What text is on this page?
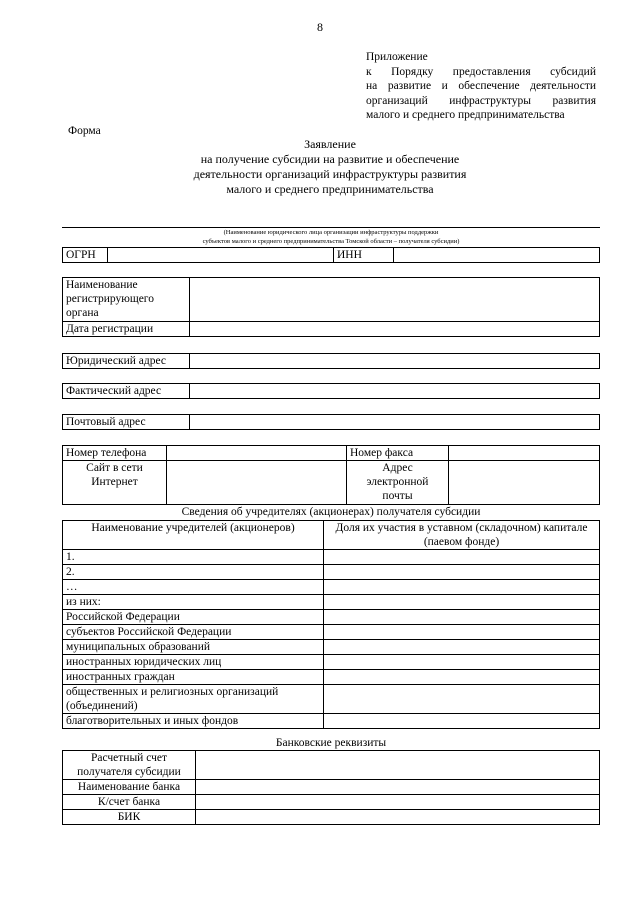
8
Приложение
к Порядку предоставления субсидий
на развитие и обеспечение деятельности
организаций инфраструктуры развития
малого и среднего предпринимательства
Форма
Заявление
на получение субсидии на развитие и обеспечение
деятельности организаций инфраструктуры развития
малого и среднего предпринимательства
(Наименование юридического лица организации инфраструктуры поддержки
субъектов малого и среднего предпринимательства Томской области – получателя субсидии)
ОГРН		ИНН	
Наименование регистрирующего органа	
Дата регистрации	
Юридический адрес	
Фактический адрес	
Почтовый адрес	
Номер телефона		Номер факса	
Сайт в сети Интернет		Адрес электронной почты	
Сведения об учредителях (акционерах) получателя субсидии
Наименование учредителей (акционеров)	Доля их участия в уставном (складочном) капитале (паевом фонде)
1.	
2.	
…	
из них:	
Российской Федерации	
субъектов Российской Федерации	
муниципальных образований	
иностранных юридических лиц	
иностранных граждан	
общественных и религиозных организаций (объединений)	
благотворительных и иных фондов	
Банковские реквизиты
Расчетный счет получателя субсидии	
Наименование банка	
К/счет банка	
БИК	
